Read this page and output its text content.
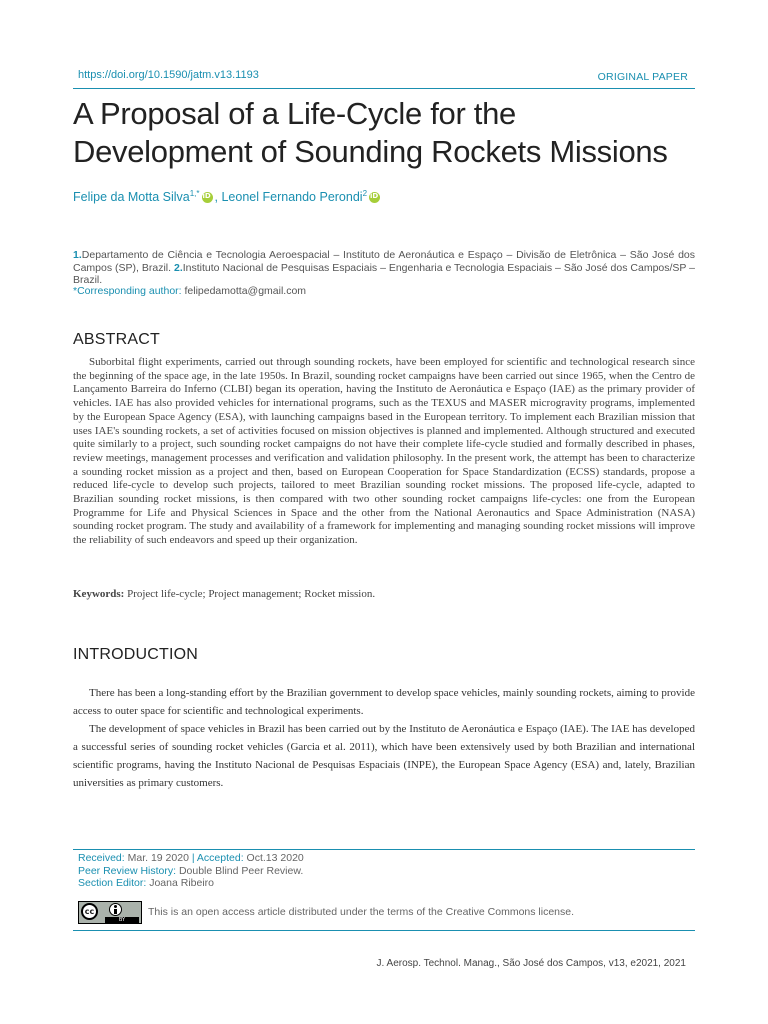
https://doi.org/10.1590/jatm.v13.1193	ORIGINAL PAPER
A Proposal of a Life-Cycle for the Development of Sounding Rockets Missions
Felipe da Motta Silva$^{1,*}$iD , Leonel Fernando Perondi$^2$iD

1.Departamento de Ciência e Tecnologia Aeroespacial – Instituto de Aeronáutica e Espaço – Divisão de Eletrônica – São José dos Campos (SP), Brazil. 2.Instituto Nacional de Pesquisas Espaciais – Engenharia e Tecnologia Espaciais – São José dos Campos/SP – Brazil.

*Corresponding author: felipedamotta@gmail.com
ABSTRACT

Suborbital flight experiments, carried out through sounding rockets, have been employed for scientific and technological research since the beginning of the space age, in the late 1950s. In Brazil, sounding rocket campaigns have been carried out since 1965, when the Centro de Lançamento Barreira do Inferno (CLBI) began its operation, having the Instituto de Aeronáutica e Espaço (IAE) as the primary provider of vehicles. IAE has also provided vehicles for international programs, such as the TEXUS and MASER microgravity programs, implemented by the European Space Agency (ESA), with launching campaigns based in the European territory. To implement each Brazilian mission that uses IAE's sounding rockets, a set of activities focused on mission objectives is planned and implemented. Although structured and executed quite similarly to a project, such sounding rocket campaigns do not have their complete life-cycle studied and formally described in phases, review meetings, management processes and verification and validation philosophy. In the present work, the attempt has been to characterize a sounding rocket mission as a project and then, based on European Cooperation for Space Standardization (ECSS) standards, propose a reduced life-cycle to develop such projects, tailored to meet Brazilian sounding rocket missions. The proposed life-cycle, adapted to Brazilian sounding rocket missions, is then compared with two other sounding rocket campaigns life-cycles: one from the European Programme for Life and Physical Sciences in Space and the other from the National Aeronautics and Space Administration (NASA) sounding rocket program. The study and availability of a framework for implementing and managing sounding rocket missions will improve the reliability of such endeavors and speed up their organization.

Keywords: Project life-cycle; Project management; Rocket mission.
INTRODUCTION

There has been a long-standing effort by the Brazilian government to develop space vehicles, mainly sounding rockets, aiming to provide access to outer space for scientific and technological experiments.

The development of space vehicles in Brazil has been carried out by the Instituto de Aeronáutica e Espaço (IAE). The IAE has developed a successful series of sounding rocket vehicles (Garcia et al. 2011), which have been extensively used by both Brazilian and international scientific programs, having the Instituto Nacional de Pesquisas Espaciais (INPE), the European Space Agency (ESA) and, lately, Brazilian universities as primary customers.

Received: Mar. 19 2020 | Accepted: Oct.13 2020
Peer Review History: Double Blind Peer Review.
Section Editor: Joana Ribeiro
cc
BY
This is an open access article distributed under the terms of the Creative Commons license.
J. Aerosp. Technol. Manag., São José dos Campos, v13, e2021, 2021
